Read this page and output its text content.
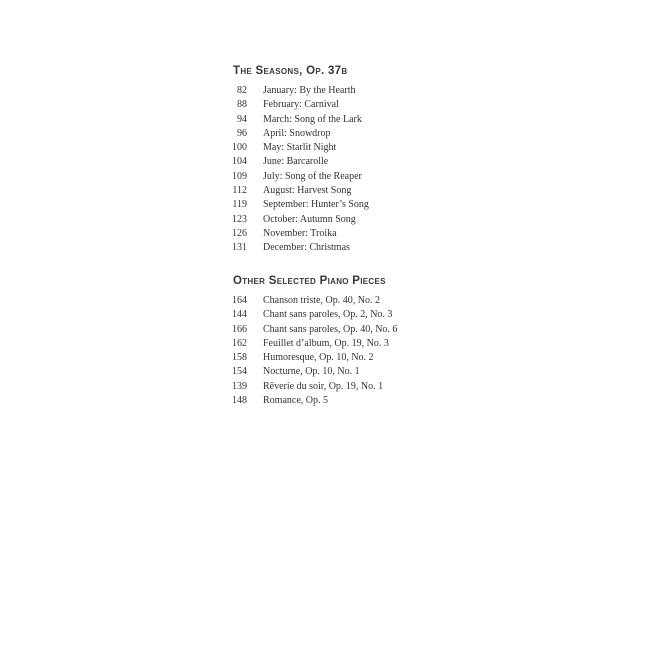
The Seasons, Op. 37b
82 January: By the Hearth
88 February: Carnival
94 March: Song of the Lark
96 April: Snowdrop
100 May: Starlit Night
104 June: Barcarolle
109 July: Song of the Reaper
112 August: Harvest Song
119 September: Hunter’s Song
123 October: Autumn Song
126 November: Troika
131 December: Christmas
Other Selected Piano Pieces
164 Chanson triste, Op. 40, No. 2
144 Chant sans paroles, Op. 2, No. 3
166 Chant sans paroles, Op. 40, No. 6
162 Feuillet d’album, Op. 19, No. 3
158 Humoresque, Op. 10, No. 2
154 Nocturne, Op. 10, No. 1
139 Rêverie du soir, Op. 19, No. 1
148 Romance, Op. 5
